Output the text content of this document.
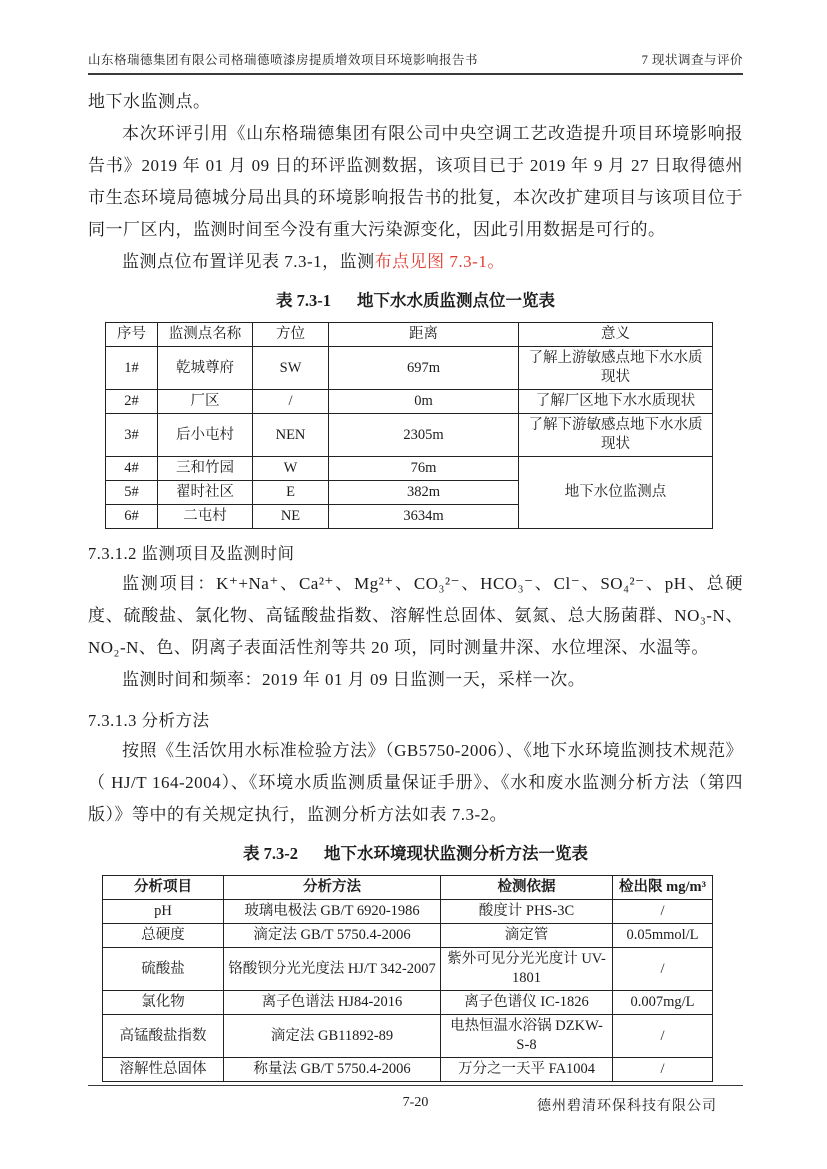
山东格瑞德集团有限公司格瑞德喷漆房提质增效项目环境影响报告书	7 现状调查与评价

地下水监测点。

本次环评引用《山东格瑞德集团有限公司中央空调工艺改造提升项目环境影响报告书》2019 年 01 月 09 日的环评监测数据，该项目已于 2019 年 9 月 27 日取得德州市生态环境局德城分局出具的环境影响报告书的批复，本次改扩建项目与该项目位于同一厂区内，监测时间至今没有重大污染源变化，因此引用数据是可行的。

监测点位布置详见表 7.3-1，监测布点见图 7.3-1。

表 7.3-1 地下水水质监测点位一览表

序号	监测点名称	方位	距离	意义
1#	乾城尊府	SW	697m	了解上游敏感点地下水水质现状
2#	厂区	/	0m	了解厂区地下水水质现状
3#	后小屯村	NEN	2305m	了解下游敏感点地下水水质现状
4#	三和竹园	W	76m	地下水位监测点
5#	翟时社区	E	382m	
6#	二屯村	NE	3634m	
7.3.1.2 监测项目及监测时间

监测项目：K⁺+Na⁺、Ca²⁺、Mg²⁺、CO₃²⁻、HCO₃⁻、Cl⁻、SO₄²⁻、pH、总硬度、硫酸盐、氯化物、高锰酸盐指数、溶解性总固体、氨氮、总大肠菌群、NO₃-N、NO₂-N、色、阴离子表面活性剂等共 20 项，同时测量井深、水位埋深、水温等。

监测时间和频率：2019 年 01 月 09 日监测一天，采样一次。

7.3.1.3 分析方法

按照《生活饮用水标准检验方法》（GB5750-2006）、《地下水环境监测技术规范》（ HJ/T 164-2004）、《环境水质监测质量保证手册》、《水和废水监测分析方法（第四版）》等中的有关规定执行，监测分析方法如表 7.3-2。

表 7.3-2 地下水环境现状监测分析方法一览表

分析项目	分析方法	检测依据	检出限 mg/m³
pH	玻璃电极法 GB/T 6920-1986	酸度计 PHS-3C	/
总硬度	滴定法 GB/T 5750.4-2006	滴定管	0.05mmol/L
硫酸盐	铬酸钡分光光度法 HJ/T 342-2007	紫外可见分光光度计 UV-1801	/
氯化物	离子色谱法 HJ84-2016	离子色谱仪 IC-1826	0.007mg/L
高锰酸盐指数	滴定法 GB11892-89	电热恒温水浴锅 DZKW-S-8	/
溶解性总固体	称量法 GB/T 5750.4-2006	万分之一天平 FA1004	/
7-20	德州碧清环保科技有限公司
